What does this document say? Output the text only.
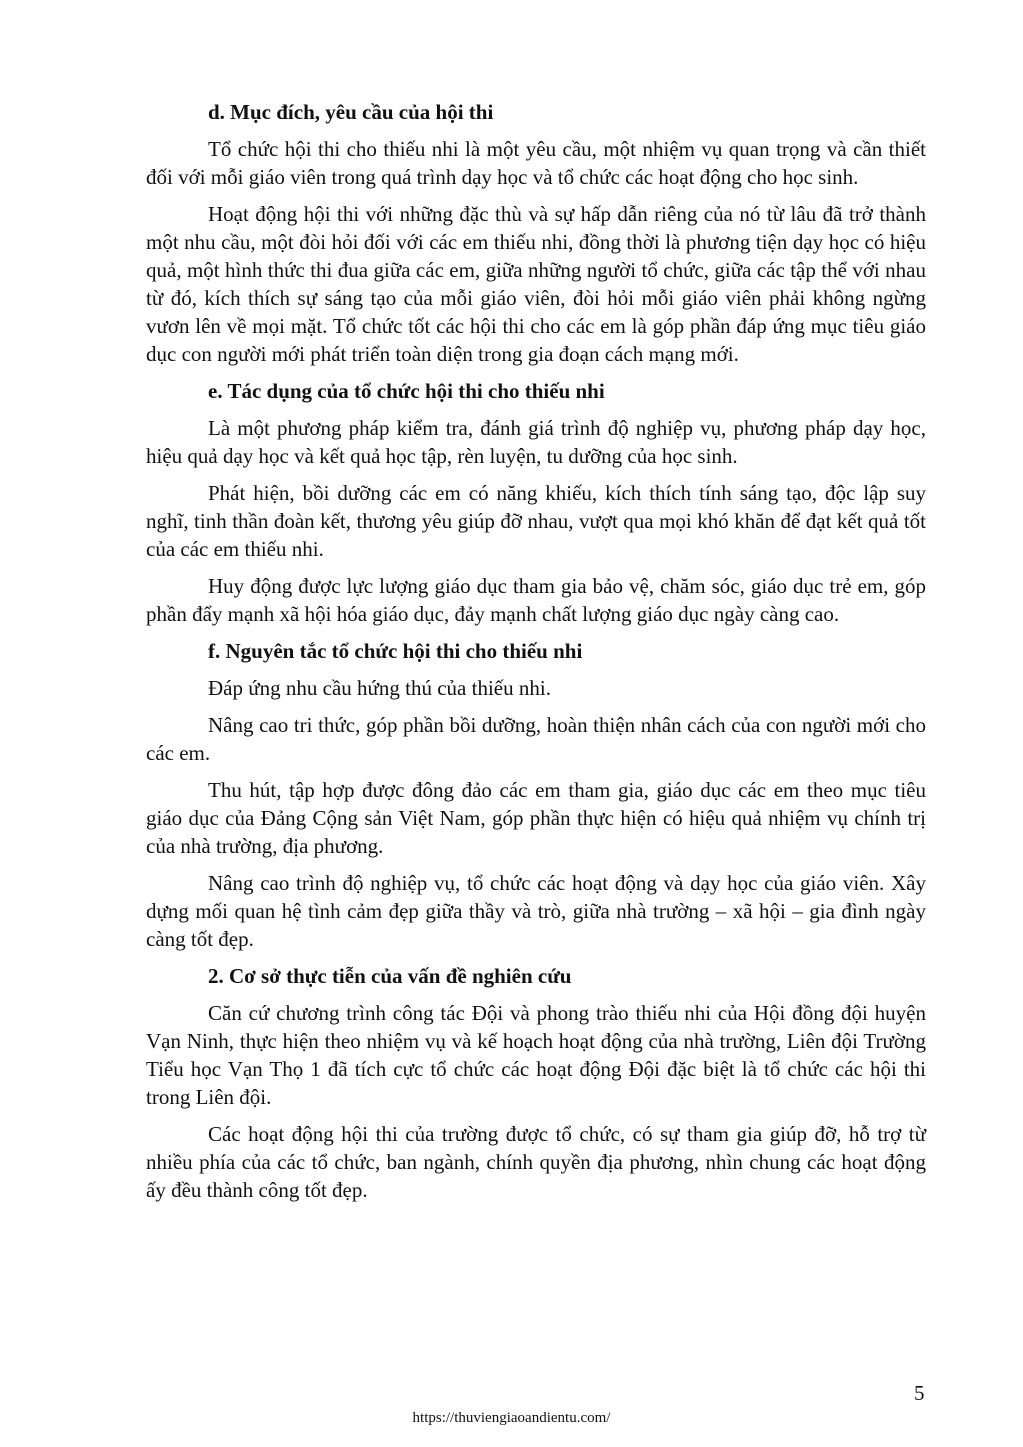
d. Mục đích, yêu cầu của hội thi

Tổ chức hội thi cho thiếu nhi là một yêu cầu, một nhiệm vụ quan trọng và cần thiết đối với mỗi giáo viên trong quá trình dạy học và tổ chức các hoạt động cho học sinh.

Hoạt động hội thi với những đặc thù và sự hấp dẫn riêng của nó từ lâu đã trở thành một nhu cầu, một đòi hỏi đối với các em thiếu nhi, đồng thời là phương tiện dạy học có hiệu quả, một hình thức thi đua giữa các em, giữa những người tổ chức, giữa các tập thể với nhau từ đó, kích thích sự sáng tạo của mỗi giáo viên, đòi hỏi mỗi giáo viên phải không ngừng vươn lên về mọi mặt. Tổ chức tốt các hội thi cho các em là góp phần đáp ứng mục tiêu giáo dục con người mới phát triển toàn diện trong gia đoạn cách mạng mới.

e. Tác dụng của tổ chức hội thi cho thiếu nhi

Là một phương pháp kiểm tra, đánh giá trình độ nghiệp vụ, phương pháp dạy học, hiệu quả dạy học và kết quả học tập, rèn luyện, tu dưỡng của học sinh.

Phát hiện, bồi dưỡng các em có năng khiếu, kích thích tính sáng tạo, độc lập suy nghĩ, tinh thần đoàn kết, thương yêu giúp đỡ nhau, vượt qua mọi khó khăn để đạt kết quả tốt của các em thiếu nhi.

Huy động được lực lượng giáo dục tham gia bảo vệ, chăm sóc, giáo dục trẻ em, góp phần đẩy mạnh xã hội hóa giáo dục, đảy mạnh chất lượng giáo dục ngày càng cao.

f. Nguyên tắc tổ chức hội thi cho thiếu nhi

Đáp ứng nhu cầu hứng thú của thiếu nhi.

Nâng cao tri thức, góp phần bồi dưỡng, hoàn thiện nhân cách của con người mới cho các em.

Thu hút, tập hợp được đông đảo các em tham gia, giáo dục các em theo mục tiêu giáo dục của Đảng Cộng sản Việt Nam, góp phần thực hiện có hiệu quả nhiệm vụ chính trị của nhà trường, địa phương.

Nâng cao trình độ nghiệp vụ, tổ chức các hoạt động và dạy học của giáo viên. Xây dựng mối quan hệ tình cảm đẹp giữa thầy và trò, giữa nhà trường – xã hội – gia đình ngày càng tốt đẹp.

2. Cơ sở thực tiễn của vấn đề nghiên cứu

Căn cứ chương trình công tác Đội và phong trào thiếu nhi của Hội đồng đội huyện Vạn Ninh, thực hiện theo nhiệm vụ và kế hoạch hoạt động của nhà trường, Liên đội Trường Tiểu học Vạn Thọ 1 đã tích cực tổ chức các hoạt động Đội đặc biệt là tổ chức các hội thi trong Liên đội.

Các hoạt động hội thi của trường được tổ chức, có sự tham gia giúp đỡ, hỗ trợ từ nhiều phía của các tổ chức, ban ngành, chính quyền địa phương, nhìn chung các hoạt động ấy đều thành công tốt đẹp.

5
https://thuviengiaoandientu.com/
